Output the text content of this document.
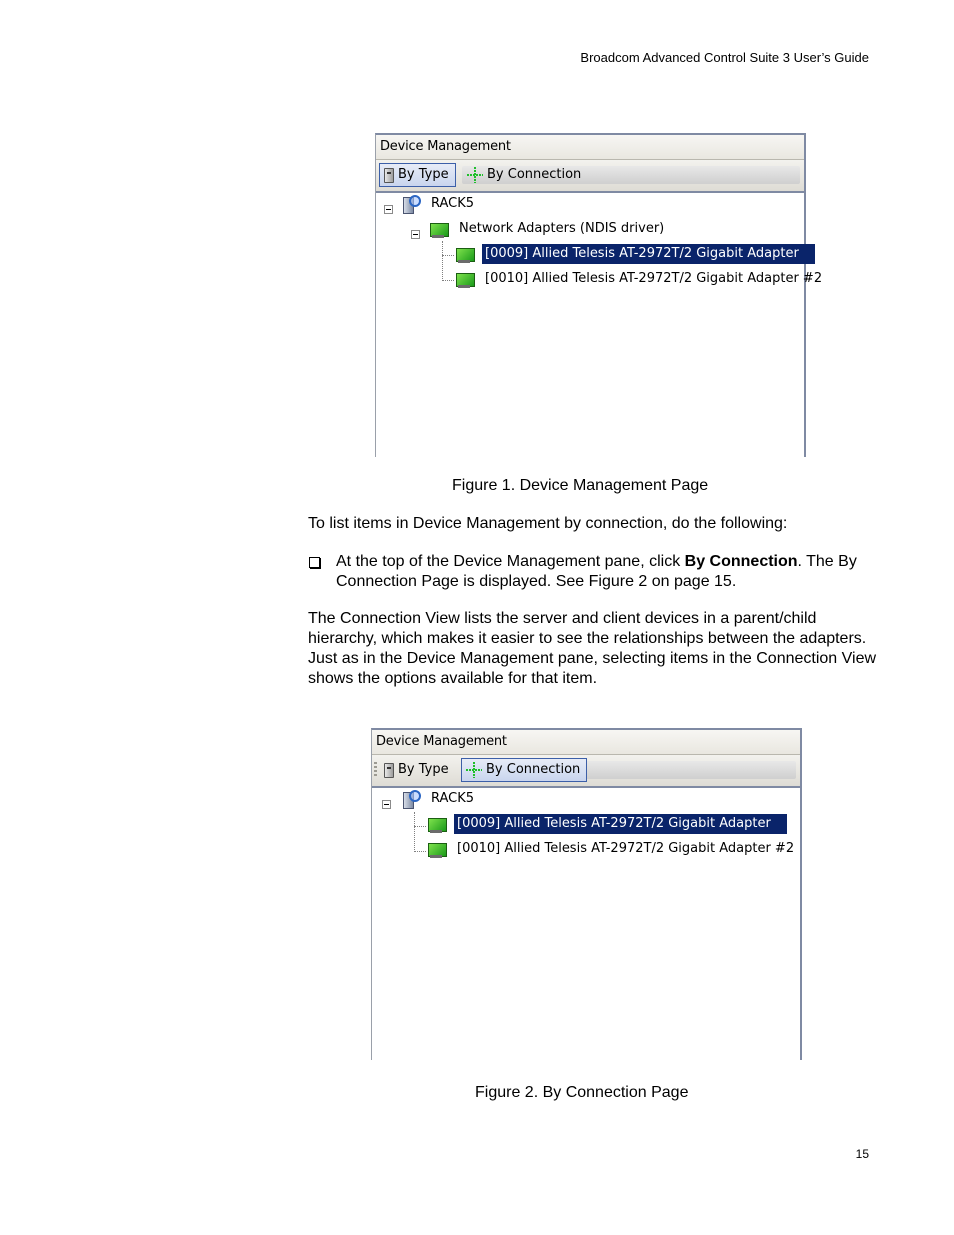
Broadcom Advanced Control Suite 3 User’s Guide
Device Management
By Type	By Connection
RACK5
Network Adapters (NDIS driver)
[0009] Allied Telesis AT-2972T/2 Gigabit Adapter
[0010] Allied Telesis AT-2972T/2 Gigabit Adapter #2
Figure 1. Device Management Page
To list items in Device Management by connection, do the following:
At the top of the Device Management pane, click By Connection. The By Connection Page is displayed. See Figure 2 on page 15.
The Connection View lists the server and client devices in a parent/child hierarchy, which makes it easier to see the relationships between the adapters. Just as in the Device Management pane, selecting items in the Connection View shows the options available for that item.
Device Management
By Type	By Connection
RACK5
[0009] Allied Telesis AT-2972T/2 Gigabit Adapter
[0010] Allied Telesis AT-2972T/2 Gigabit Adapter #2
Figure 2. By Connection Page
15
